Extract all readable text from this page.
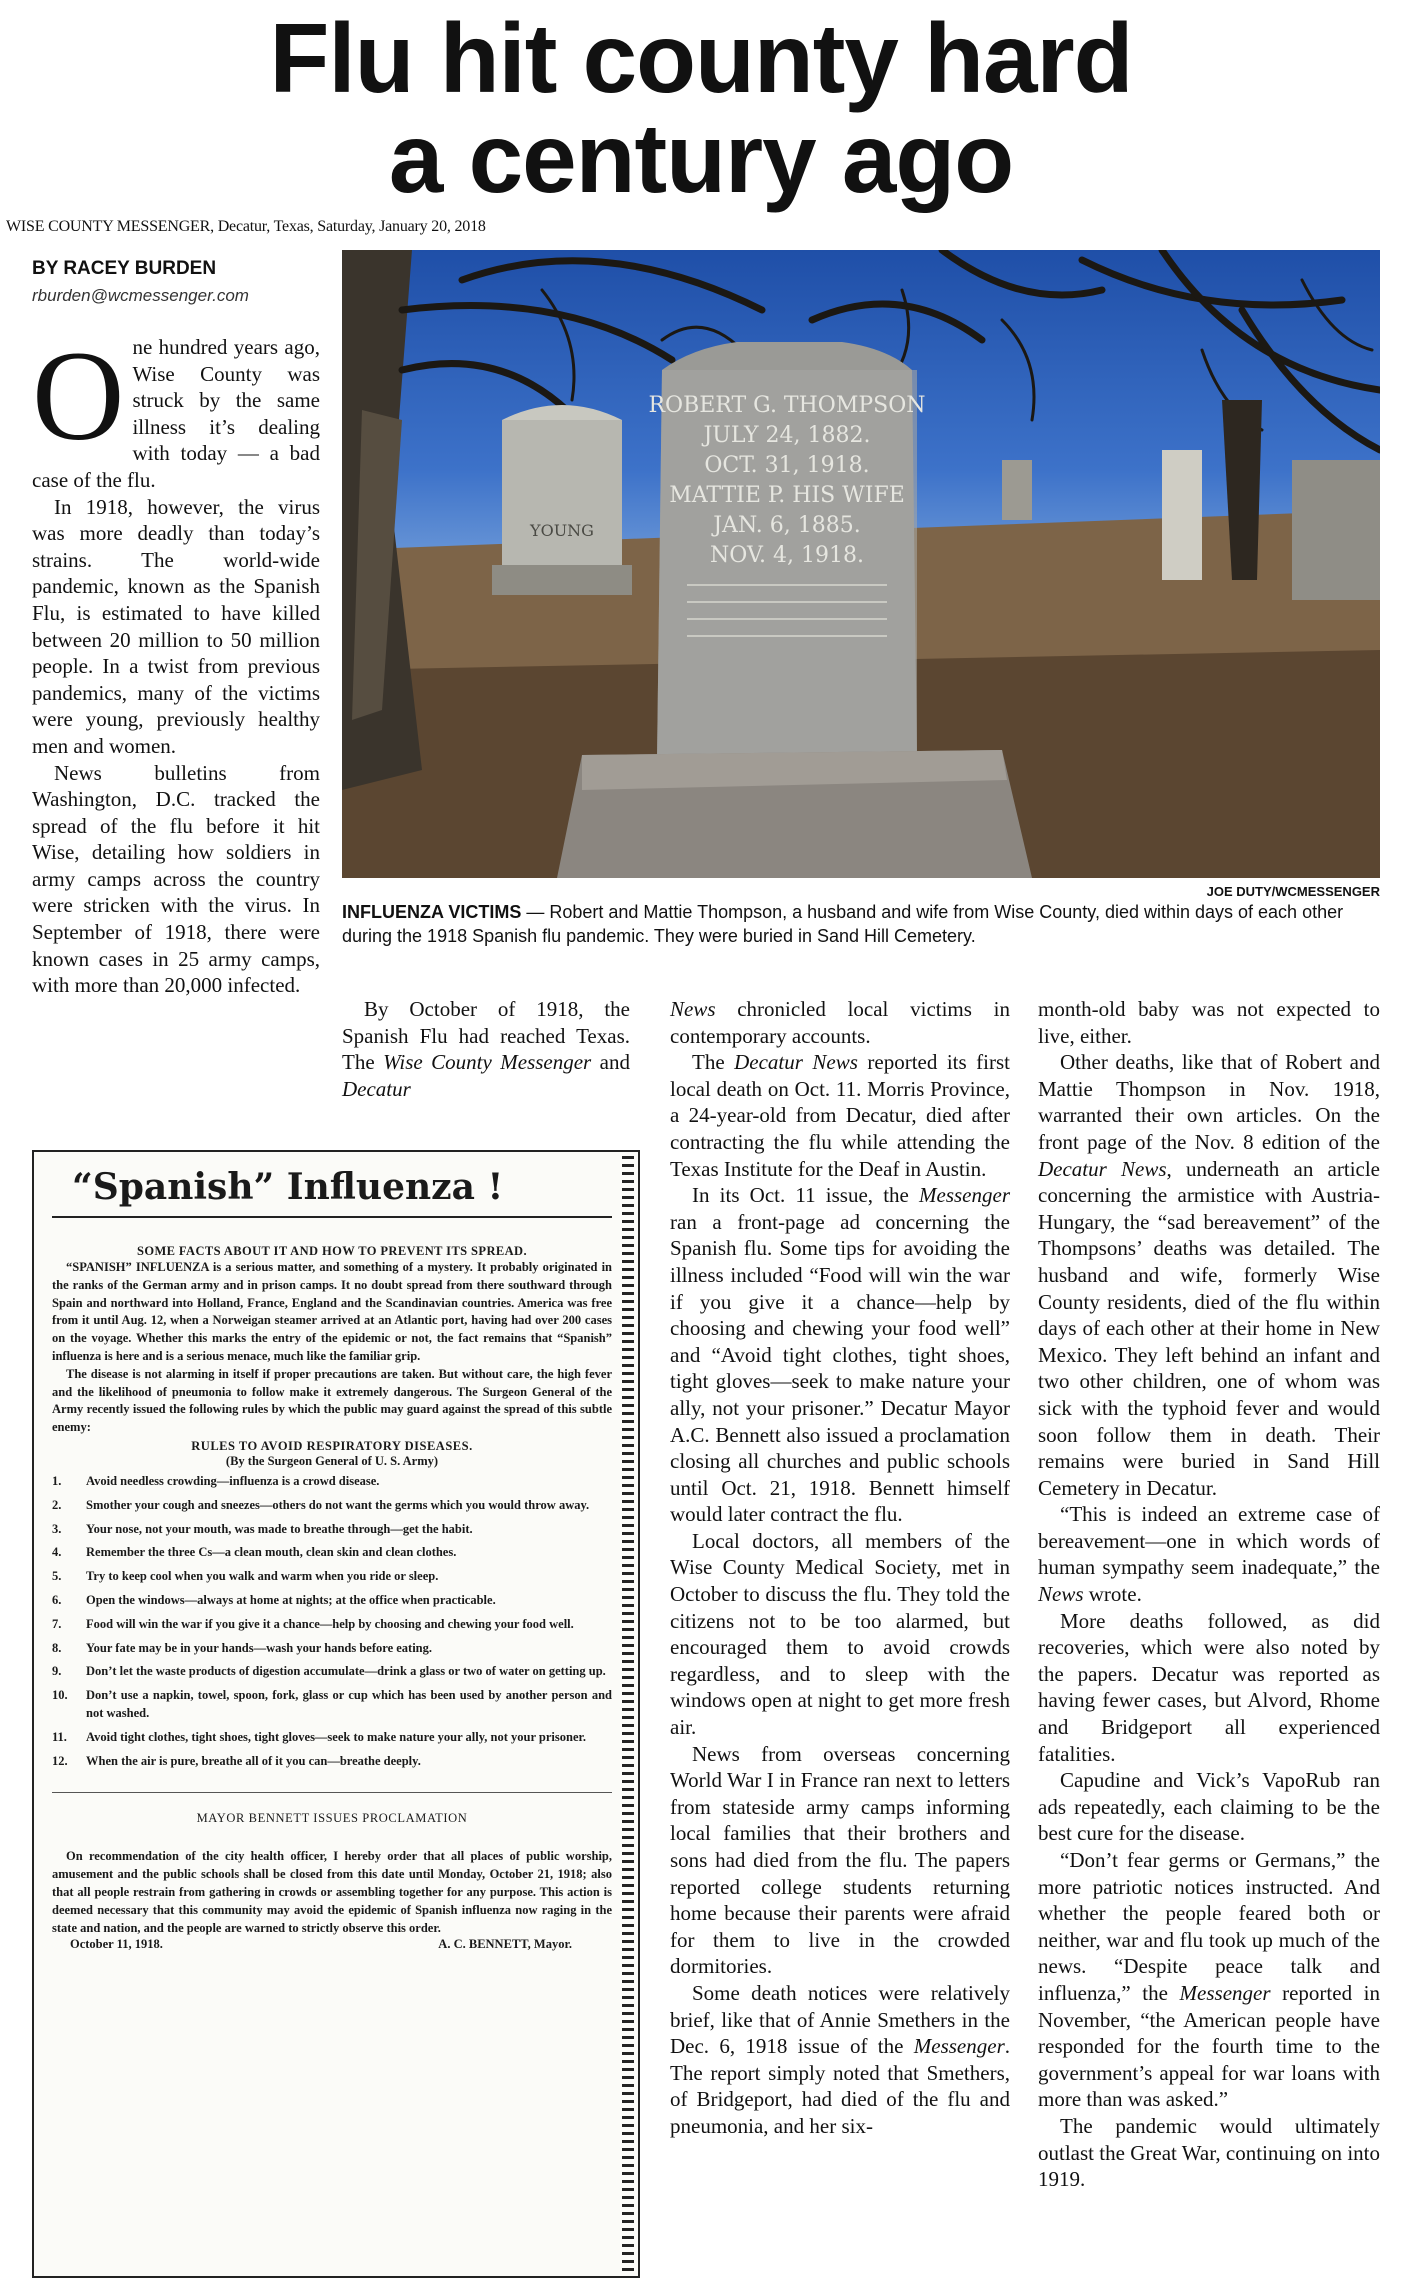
Flu hit county hard
a century ago
WISE COUNTY MESSENGER, Decatur, Texas, Saturday, January 20, 2018
BY RACEY BURDEN
rburden@wcmessenger.com

One hundred years ago, Wise County was struck by the same illness it’s dealing with today — a bad case of the flu.

In 1918, however, the virus was more deadly than today’s strains. The world-wide pandemic, known as the Spanish Flu, is estimated to have killed between 20 million to 50 million people. In a twist from previous pandemics, many of the victims were young, previously healthy men and women.

News bulletins from Washington, D.C. tracked the spread of the flu before it hit Wise, detailing how soldiers in army camps across the country were stricken with the virus. In September of 1918, there were known cases in 25 army camps, with more than 20,000 infected.

YOUNG
ROBERT G. THOMPSON
JULY 24, 1882.
OCT. 31, 1918.
MATTIE P. HIS WIFE
JAN. 6, 1885.
NOV. 4, 1918.
JOE DUTY/WCMESSENGER
INFLUENZA VICTIMS — Robert and Mattie Thompson, a husband and wife from Wise County, died within days of each other during the 1918 Spanish flu pandemic. They were buried in Sand Hill Cemetery.

By October of 1918, the Spanish Flu had reached Texas. The Wise County Messenger and Decatur

News chronicled local victims in contemporary accounts.

The Decatur News reported its first local death on Oct. 11. Morris Province, a 24-year-old from Decatur, died after contracting the flu while attending the Texas Institute for the Deaf in Austin.

In its Oct. 11 issue, the Messenger ran a front-page ad concerning the Spanish flu. Some tips for avoiding the illness included “Food will win the war if you give it a chance—help by choosing and chewing your food well” and “Avoid tight clothes, tight shoes, tight gloves—seek to make nature your ally, not your prisoner.” Decatur Mayor A.C. Bennett also issued a proclamation closing all churches and public schools until Oct. 21, 1918. Bennett himself would later contract the flu.

Local doctors, all members of the Wise County Medical Society, met in October to discuss the flu. They told the citizens not to be too alarmed, but encouraged them to avoid crowds regardless, and to sleep with the windows open at night to get more fresh air.

News from overseas concerning World War I in France ran next to letters from stateside army camps informing local families that their brothers and sons had died from the flu. The papers reported college students returning home because their parents were afraid for them to live in the crowded dormitories.

Some death notices were relatively brief, like that of Annie Smethers in the Dec. 6, 1918 issue of the Messenger. The report simply noted that Smethers, of Bridgeport, had died of the flu and pneumonia, and her six-

month-old baby was not expected to live, either.

Other deaths, like that of Robert and Mattie Thompson in Nov. 1918, warranted their own articles. On the front page of the Nov. 8 edition of the Decatur News, underneath an article concerning the armistice with Austria-Hungary, the “sad bereavement” of the Thompsons’ deaths was detailed. The husband and wife, formerly Wise County residents, died of the flu within days of each other at their home in New Mexico. They left behind an infant and two other children, one of whom was sick with the typhoid fever and would soon follow them in death. Their remains were buried in Sand Hill Cemetery in Decatur.

“This is indeed an extreme case of bereavement—one in which words of human sympathy seem inadequate,” the News wrote.

More deaths followed, as did recoveries, which were also noted by the papers. Decatur was reported as having fewer cases, but Alvord, Rhome and Bridgeport all experienced fatalities.

Capudine and Vick’s VapoRub ran ads repeatedly, each claiming to be the best cure for the disease.

“Don’t fear germs or Germans,” the more patriotic notices instructed. And whether the people feared both or neither, war and flu took up much of the news. “Despite peace talk and influenza,” the Messenger reported in November, “the American people have responded for the fourth time to the government’s appeal for war loans with more than was asked.”

The pandemic would ultimately outlast the Great War, continuing on into 1919.

“Spanish” Influenza !
SOME FACTS ABOUT IT AND HOW TO PREVENT ITS SPREAD.

“SPANISH” INFLUENZA is a serious matter, and something of a mystery. It probably originated in the ranks of the German army and in prison camps. It no doubt spread from there southward through Spain and northward into Holland, France, England and the Scandinavian countries. America was free from it until Aug. 12, when a Norweigan steamer arrived at an Atlantic port, having had over 200 cases on the voyage. Whether this marks the entry of the epidemic or not, the fact remains that “Spanish” influenza is here and is a serious menace, much like the familiar grip.

The disease is not alarming in itself if proper precautions are taken. But without care, the high fever and the likelihood of pneumonia to follow make it extremely dangerous. The Surgeon General of the Army recently issued the following rules by which the public may guard against the spread of this subtle enemy:

RULES TO AVOID RESPIRATORY DISEASES.
(By the Surgeon General of U. S. Army)
1.	Avoid needless crowding—influenza is a crowd disease.
2.	Smother your cough and sneezes—others do not want the germs which you would throw away.
3.	Your nose, not your mouth, was made to breathe through—get the habit.
4.	Remember the three Cs—a clean mouth, clean skin and clean clothes.
5.	Try to keep cool when you walk and warm when you ride or sleep.
6.	Open the windows—always at home at nights; at the office when practicable.
7.	Food will win the war if you give it a chance—help by choosing and chewing your food well.
8.	Your fate may be in your hands—wash your hands before eating.
9.	Don’t let the waste products of digestion accumulate—drink a glass or two of water on getting up.
10.	Don’t use a napkin, towel, spoon, fork, glass or cup which has been used by another person and not washed.
11.	Avoid tight clothes, tight shoes, tight gloves—seek to make nature your ally, not your prisoner.
12.	When the air is pure, breathe all of it you can—breathe deeply.
MAYOR BENNETT ISSUES PROCLAMATION

On recommendation of the city health officer, I hereby order that all places of public worship, amusement and the public schools shall be closed from this date until Monday, October 21, 1918; also that all people restrain from gathering in crowds or assembling together for any purpose. This action is deemed necessary that this community may avoid the epidemic of Spanish influenza now raging in the state and nation, and the people are warned to strictly observe this order.

October 11, 1918.	A. C. BENNETT, Mayor.
